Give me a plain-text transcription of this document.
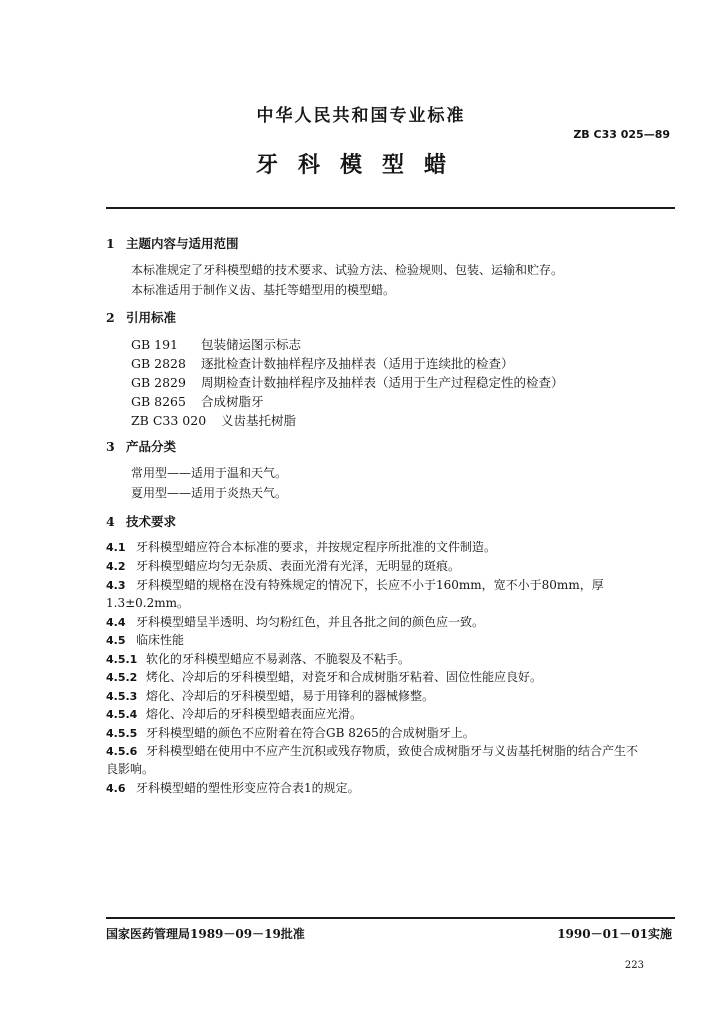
中华人民共和国专业标准
ZB C33 025—89
牙科模型蜡
1 主题内容与适用范围
本标准规定了牙科模型蜡的技术要求、试验方法、检验规则、包装、运输和贮存。
本标准适用于制作义齿、基托等蜡型用的模型蜡。
2 引用标准
GB 191 包装储运图示标志
GB 2828 逐批检查计数抽样程序及抽样表（适用于连续批的检查）
GB 2829 周期检查计数抽样程序及抽样表（适用于生产过程稳定性的检查）
GB 8265 合成树脂牙
ZB C33 020 义齿基托树脂
3 产品分类
常用型——适用于温和天气。
夏用型——适用于炎热天气。
4 技术要求
4.1 牙科模型蜡应符合本标准的要求，并按规定程序所批准的文件制造。
4.2 牙科模型蜡应均匀无杂质、表面光滑有光泽，无明显的斑痕。
4.3 牙科模型蜡的规格在没有特殊规定的情况下，长应不小于160mm，宽不小于80mm，厚
1.3±0.2mm。
4.4 牙科模型蜡呈半透明、均匀粉红色，并且各批之间的颜色应一致。
4.5 临床性能
4.5.1 软化的牙科模型蜡应不易剥落、不脆裂及不粘手。
4.5.2 烤化、冷却后的牙科模型蜡，对瓷牙和合成树脂牙粘着、固位性能应良好。
4.5.3 熔化、冷却后的牙科模型蜡，易于用锋利的器械修整。
4.5.4 熔化、冷却后的牙科模型蜡表面应光滑。
4.5.5 牙科模型蜡的颜色不应附着在符合GB 8265的合成树脂牙上。
4.5.6 牙科模型蜡在使用中不应产生沉积或残存物质，致使合成树脂牙与义齿基托树脂的结合产生不
良影响。
4.6 牙科模型蜡的塑性形变应符合表1的规定。
国家医药管理局1989－09－19批准	1990－01－01实施
223
